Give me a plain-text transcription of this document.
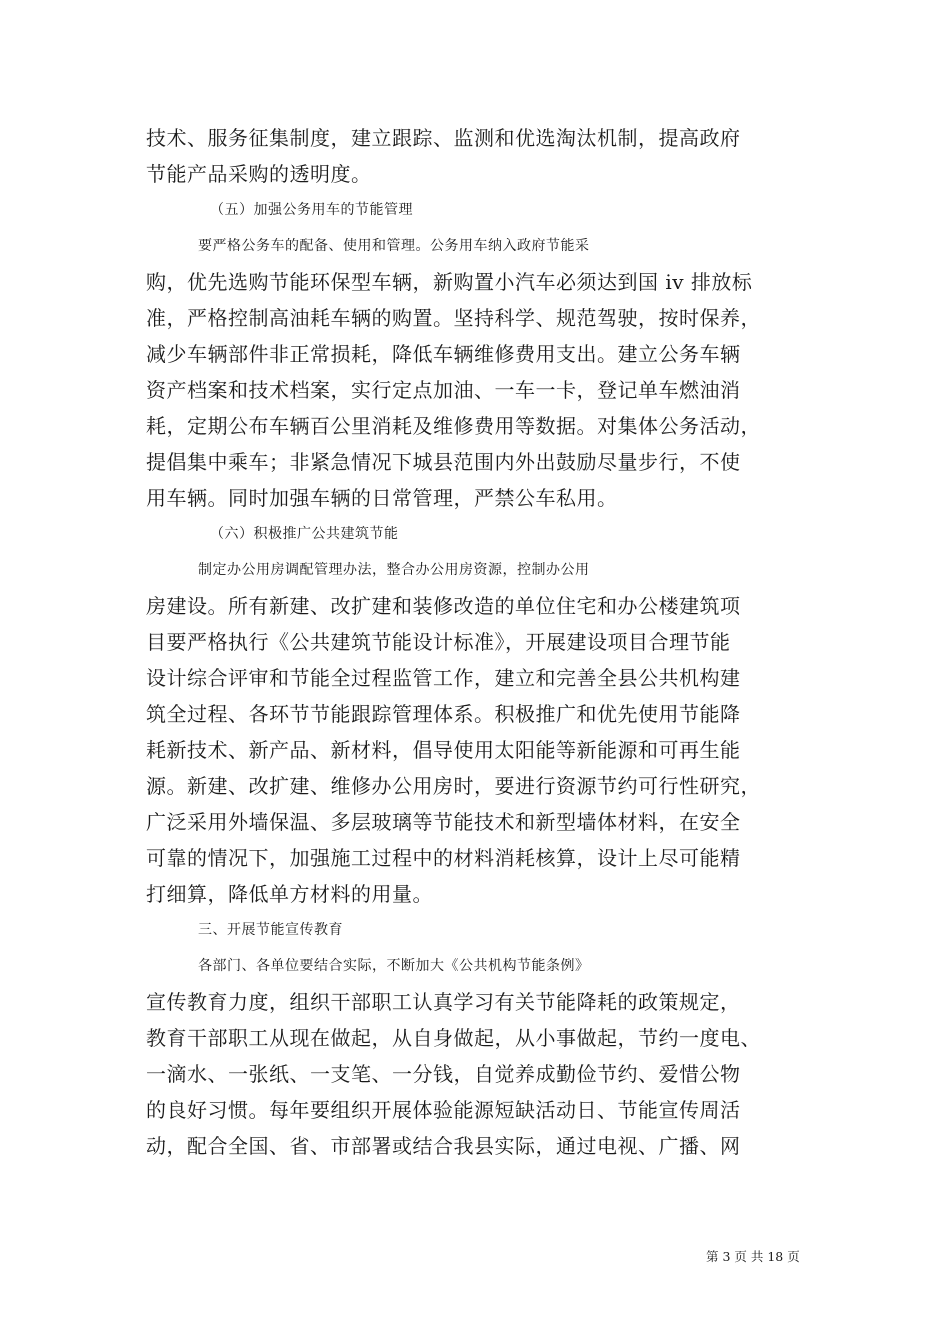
技术、服务征集制度，建立跟踪、监测和优选淘汰机制，提高政府
节能产品采购的透明度。
（五）加强公务用车的节能管理
要严格公务车的配备、使用和管理。公务用车纳入政府节能采
购，优先选购节能环保型车辆，新购置小汽车必须达到国 iv 排放标
准，严格控制高油耗车辆的购置。坚持科学、规范驾驶，按时保养，
减少车辆部件非正常损耗，降低车辆维修费用支出。建立公务车辆
资产档案和技术档案，实行定点加油、一车一卡，登记单车燃油消
耗，定期公布车辆百公里消耗及维修费用等数据。对集体公务活动，
提倡集中乘车；非紧急情况下城县范围内外出鼓励尽量步行，不使
用车辆。同时加强车辆的日常管理，严禁公车私用。
（六）积极推广公共建筑节能
制定办公用房调配管理办法，整合办公用房资源，控制办公用
房建设。所有新建、改扩建和装修改造的单位住宅和办公楼建筑项
目要严格执行《公共建筑节能设计标准》，开展建设项目合理节能
设计综合评审和节能全过程监管工作，建立和完善全县公共机构建
筑全过程、各环节节能跟踪管理体系。积极推广和优先使用节能降
耗新技术、新产品、新材料，倡导使用太阳能等新能源和可再生能
源。新建、改扩建、维修办公用房时，要进行资源节约可行性研究，
广泛采用外墙保温、多层玻璃等节能技术和新型墙体材料，在安全
可靠的情况下，加强施工过程中的材料消耗核算，设计上尽可能精
打细算，降低单方材料的用量。
三、开展节能宣传教育
各部门、各单位要结合实际，不断加大《公共机构节能条例》
宣传教育力度，组织干部职工认真学习有关节能降耗的政策规定，
教育干部职工从现在做起，从自身做起，从小事做起，节约一度电、
一滴水、一张纸、一支笔、一分钱，自觉养成勤俭节约、爱惜公物
的良好习惯。每年要组织开展体验能源短缺活动日、节能宣传周活
动，配合全国、省、市部署或结合我县实际，通过电视、广播、网
第 3 页 共 18 页
